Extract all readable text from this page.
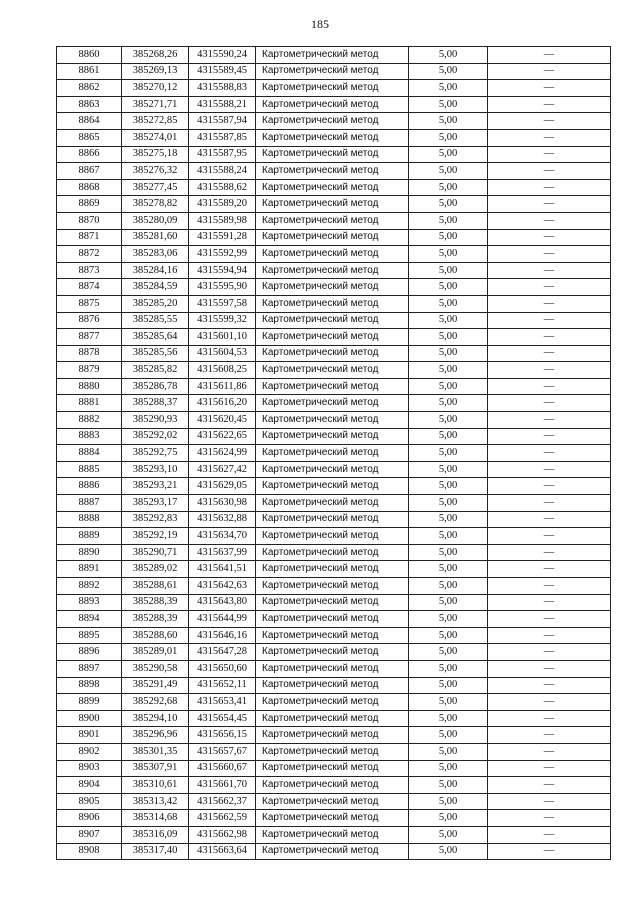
185
8860	385268,26	4315590,24	Картометрический метод	5,00	—
8861	385269,13	4315589,45	Картометрический метод	5,00	—
8862	385270,12	4315588,83	Картометрический метод	5,00	—
8863	385271,71	4315588,21	Картометрический метод	5,00	—
8864	385272,85	4315587,94	Картометрический метод	5,00	—
8865	385274,01	4315587,85	Картометрический метод	5,00	—
8866	385275,18	4315587,95	Картометрический метод	5,00	—
8867	385276,32	4315588,24	Картометрический метод	5,00	—
8868	385277,45	4315588,62	Картометрический метод	5,00	—
8869	385278,82	4315589,20	Картометрический метод	5,00	—
8870	385280,09	4315589,98	Картометрический метод	5,00	—
8871	385281,60	4315591,28	Картометрический метод	5,00	—
8872	385283,06	4315592,99	Картометрический метод	5,00	—
8873	385284,16	4315594,94	Картометрический метод	5,00	—
8874	385284,59	4315595,90	Картометрический метод	5,00	—
8875	385285,20	4315597,58	Картометрический метод	5,00	—
8876	385285,55	4315599,32	Картометрический метод	5,00	—
8877	385285,64	4315601,10	Картометрический метод	5,00	—
8878	385285,56	4315604,53	Картометрический метод	5,00	—
8879	385285,82	4315608,25	Картометрический метод	5,00	—
8880	385286,78	4315611,86	Картометрический метод	5,00	—
8881	385288,37	4315616,20	Картометрический метод	5,00	—
8882	385290,93	4315620,45	Картометрический метод	5,00	—
8883	385292,02	4315622,65	Картометрический метод	5,00	—
8884	385292,75	4315624,99	Картометрический метод	5,00	—
8885	385293,10	4315627,42	Картометрический метод	5,00	—
8886	385293,21	4315629,05	Картометрический метод	5,00	—
8887	385293,17	4315630,98	Картометрический метод	5,00	—
8888	385292,83	4315632,88	Картометрический метод	5,00	—
8889	385292,19	4315634,70	Картометрический метод	5,00	—
8890	385290,71	4315637,99	Картометрический метод	5,00	—
8891	385289,02	4315641,51	Картометрический метод	5,00	—
8892	385288,61	4315642,63	Картометрический метод	5,00	—
8893	385288,39	4315643,80	Картометрический метод	5,00	—
8894	385288,39	4315644,99	Картометрический метод	5,00	—
8895	385288,60	4315646,16	Картометрический метод	5,00	—
8896	385289,01	4315647,28	Картометрический метод	5,00	—
8897	385290,58	4315650,60	Картометрический метод	5,00	—
8898	385291,49	4315652,11	Картометрический метод	5,00	—
8899	385292,68	4315653,41	Картометрический метод	5,00	—
8900	385294,10	4315654,45	Картометрический метод	5,00	—
8901	385296,96	4315656,15	Картометрический метод	5,00	—
8902	385301,35	4315657,67	Картометрический метод	5,00	—
8903	385307,91	4315660,67	Картометрический метод	5,00	—
8904	385310,61	4315661,70	Картометрический метод	5,00	—
8905	385313,42	4315662,37	Картометрический метод	5,00	—
8906	385314,68	4315662,59	Картометрический метод	5,00	—
8907	385316,09	4315662,98	Картометрический метод	5,00	—
8908	385317,40	4315663,64	Картометрический метод	5,00	—
